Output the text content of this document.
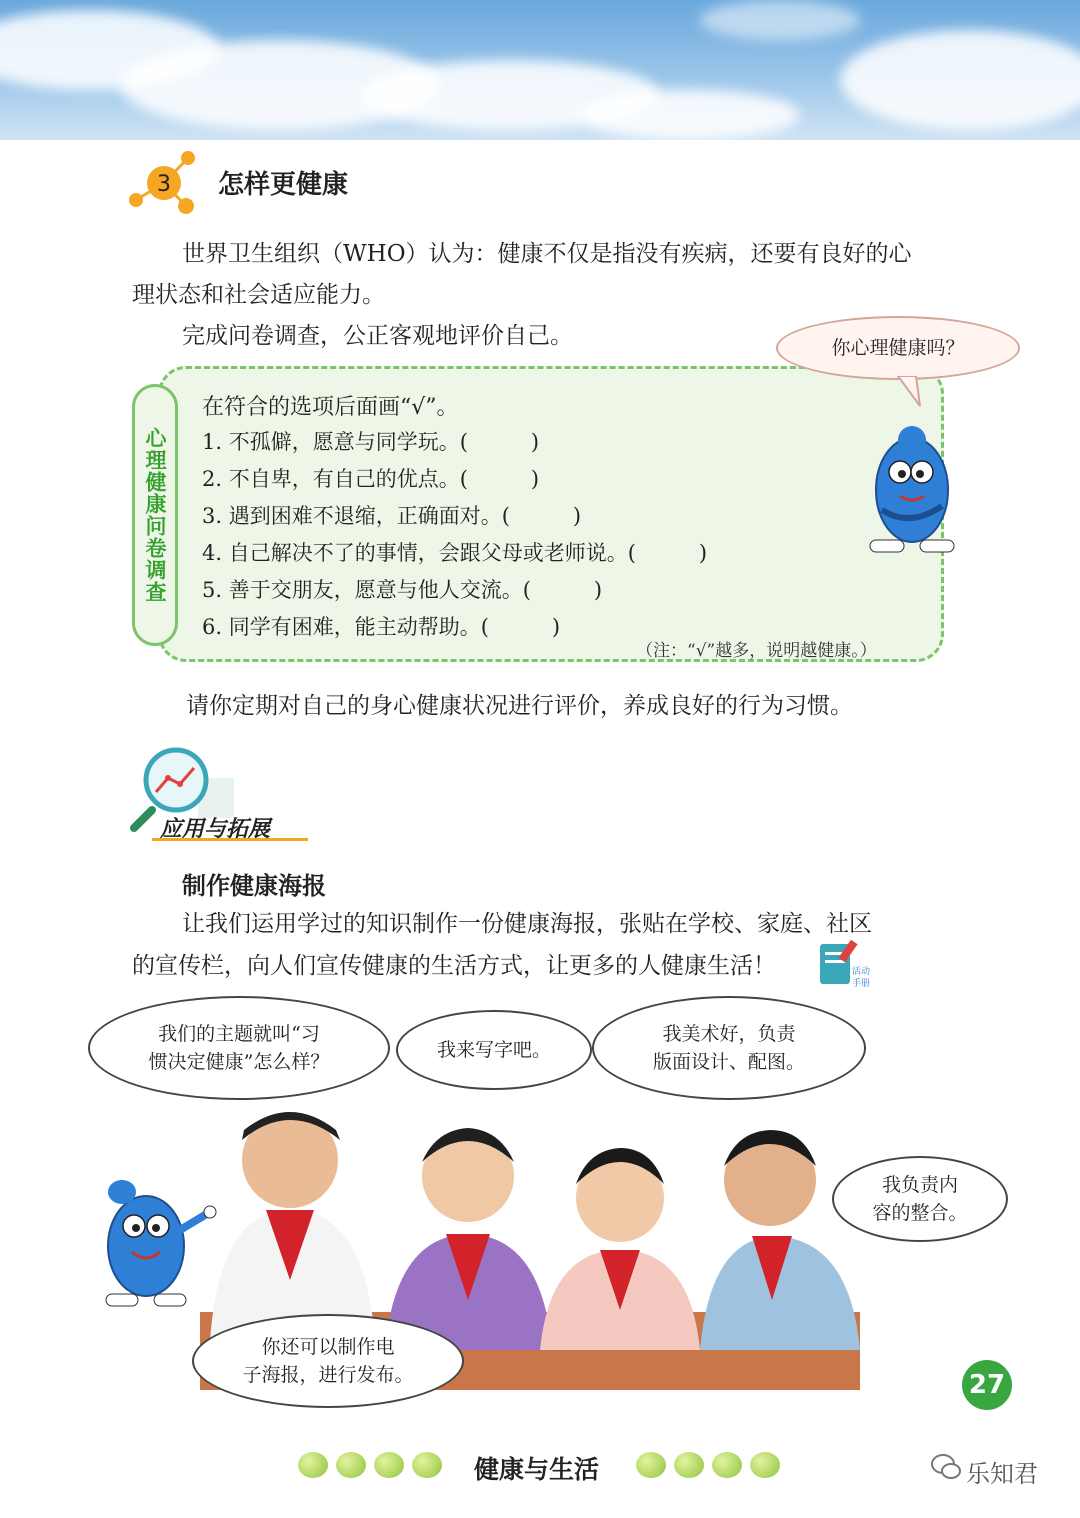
3 怎样更健康
世界卫生组织（WHO）认为：健康不仅是指没有疾病，还要有良好的心
理状态和社会适应能力。
完成问卷调查，公正客观地评价自己。
心理健康问卷调查
在符合的选项后面画“√”。
1. 不孤僻，愿意与同学玩。(　　　)
2. 不自卑，有自己的优点。(　　　)
3. 遇到困难不退缩，正确面对。(　　　)
4. 自己解决不了的事情，会跟父母或老师说。(　　　)
5. 善于交朋友，愿意与他人交流。(　　　)
6. 同学有困难，能主动帮助。(　　　)
（注：“√”越多，说明越健康。）
你心理健康吗？
请你定期对自己的身心健康状况进行评价，养成良好的行为习惯。
应用与拓展
制作健康海报
让我们运用学过的知识制作一份健康海报，张贴在学校、家庭、社区
的宣传栏，向人们宣传健康的生活方式，让更多的人健康生活！	活动
手册
我们的主题就叫“习
惯决定健康”怎么样？
我来写字吧。
我美术好，负责
版面设计、配图。
我负责内
容的整合。
你还可以制作电
子海报，进行发布。	27
健康与生活	乐知君
